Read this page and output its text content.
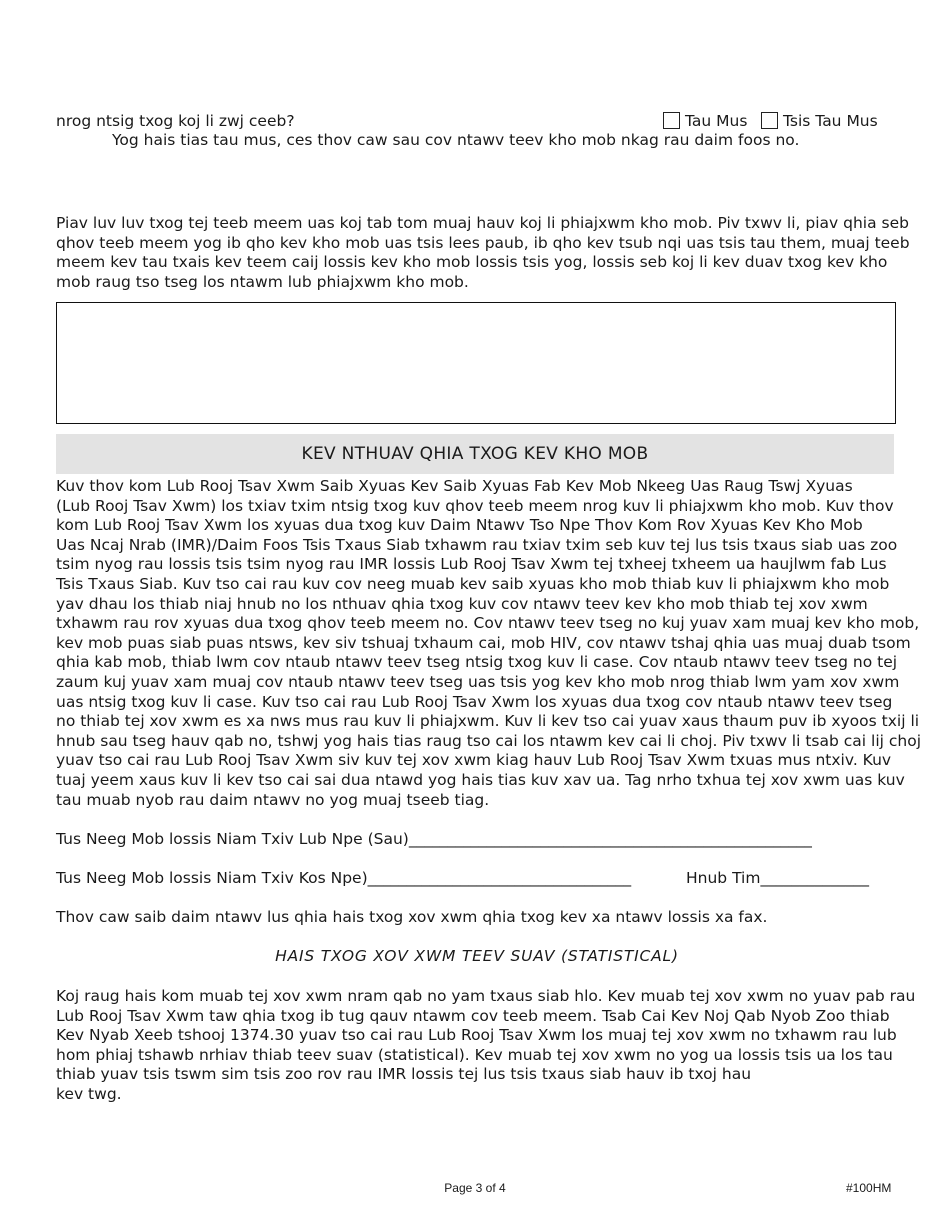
nrog ntsig txog koj li zwj ceeb?	Tau Mus	Tsis Tau Mus
Yog hais tias tau mus, ces thov caw sau cov ntawv teev kho mob nkag rau daim foos no.
Piav luv luv txog tej teeb meem uas koj tab tom muaj hauv koj li phiajxwm kho mob. Piv txwv li, piav qhia seb
qhov teeb meem yog ib qho kev kho mob uas tsis lees paub, ib qho kev tsub nqi uas tsis tau them, muaj teeb
meem kev tau txais kev teem caij lossis kev kho mob lossis tsis yog, lossis seb koj li kev duav txog kev kho
mob raug tso tseg los ntawm lub phiajxwm kho mob.
KEV NTHUAV QHIA TXOG KEV KHO MOB
Kuv thov kom Lub Rooj Tsav Xwm Saib Xyuas Kev Saib Xyuas Fab Kev Mob Nkeeg Uas Raug Tswj Xyuas
(Lub Rooj Tsav Xwm) los txiav txim ntsig txog kuv qhov teeb meem nrog kuv li phiajxwm kho mob. Kuv thov
kom Lub Rooj Tsav Xwm los xyuas dua txog kuv Daim Ntawv Tso Npe Thov Kom Rov Xyuas Kev Kho Mob
Uas Ncaj Nrab (IMR)/Daim Foos Tsis Txaus Siab txhawm rau txiav txim seb kuv tej lus tsis txaus siab uas zoo
tsim nyog rau lossis tsis tsim nyog rau IMR lossis Lub Rooj Tsav Xwm tej txheej txheem ua haujlwm fab Lus
Tsis Txaus Siab. Kuv tso cai rau kuv cov neeg muab kev saib xyuas kho mob thiab kuv li phiajxwm kho mob
yav dhau los thiab niaj hnub no los nthuav qhia txog kuv cov ntawv teev kev kho mob thiab tej xov xwm
txhawm rau rov xyuas dua txog qhov teeb meem no. Cov ntawv teev tseg no kuj yuav xam muaj kev kho mob,
kev mob puas siab puas ntsws, kev siv tshuaj txhaum cai, mob HIV, cov ntawv tshaj qhia uas muaj duab tsom
qhia kab mob, thiab lwm cov ntaub ntawv teev tseg ntsig txog kuv li case. Cov ntaub ntawv teev tseg no tej
zaum kuj yuav xam muaj cov ntaub ntawv teev tseg uas tsis yog kev kho mob nrog thiab lwm yam xov xwm
uas ntsig txog kuv li case. Kuv tso cai rau Lub Rooj Tsav Xwm los xyuas dua txog cov ntaub ntawv teev tseg
no thiab tej xov xwm es xa nws mus rau kuv li phiajxwm. Kuv li kev tso cai yuav xaus thaum puv ib xyoos txij li
hnub sau tseg hauv qab no, tshwj yog hais tias raug tso cai los ntawm kev cai li choj. Piv txwv li tsab cai lij choj
yuav tso cai rau Lub Rooj Tsav Xwm siv kuv tej xov xwm kiag hauv Lub Rooj Tsav Xwm txuas mus ntxiv. Kuv
tuaj yeem xaus kuv li kev tso cai sai dua ntawd yog hais tias kuv xav ua. Tag nrho txhua tej xov xwm uas kuv
tau muab nyob rau daim ntawv no yog muaj tseeb tiag.
Tus Neeg Mob lossis Niam Txiv Lub Npe (Sau)____________________________________________________
Tus Neeg Mob lossis Niam Txiv Kos Npe)__________________________________	Hnub Tim______________
Thov caw saib daim ntawv lus qhia hais txog xov xwm qhia txog kev xa ntawv lossis xa fax.
HAIS TXOG XOV XWM TEEV SUAV (STATISTICAL)
Koj raug hais kom muab tej xov xwm nram qab no yam txaus siab hlo. Kev muab tej xov xwm no yuav pab rau
Lub Rooj Tsav Xwm taw qhia txog ib tug qauv ntawm cov teeb meem. Tsab Cai Kev Noj Qab Nyob Zoo thiab
Kev Nyab Xeeb tshooj 1374.30 yuav tso cai rau Lub Rooj Tsav Xwm los muaj tej xov xwm no txhawm rau lub
hom phiaj tshawb nrhiav thiab teev suav (statistical). Kev muab tej xov xwm no yog ua lossis tsis ua los tau
thiab yuav tsis tswm sim tsis zoo rov rau IMR lossis tej lus tsis txaus siab hauv ib txoj hau
kev twg.
Page 3 of 4	#100HM
